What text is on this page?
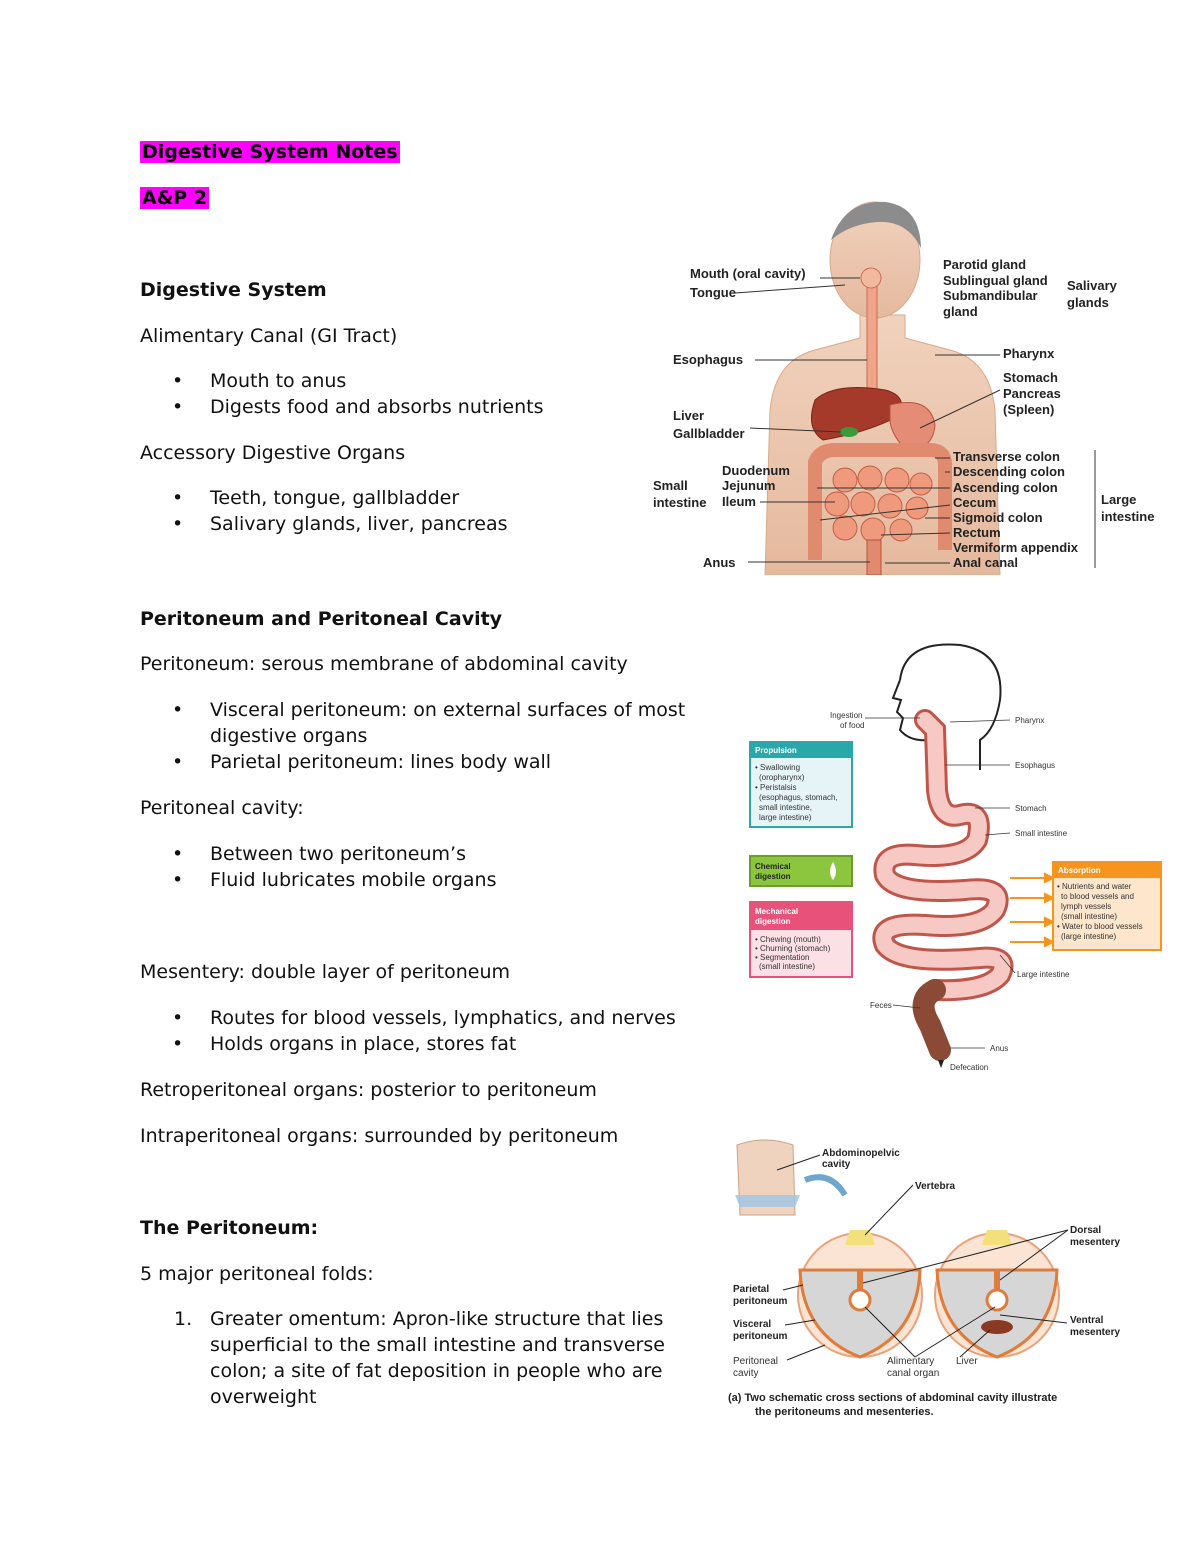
Digestive System Notes
A&P 2
Digestive System
Alimentary Canal (GI Tract)
• Mouth to anus
• Digests food and absorbs nutrients
Accessory Digestive Organs
• Teeth, tongue, gallbladder
• Salivary glands, liver, pancreas
Peritoneum and Peritoneal Cavity
Peritoneum: serous membrane of abdominal cavity
• Visceral peritoneum: on external surfaces of most digestive organs
• Parietal peritoneum: lines body wall
Peritoneal cavity:
• Between two peritoneum’s
• Fluid lubricates mobile organs
Mesentery: double layer of peritoneum
• Routes for blood vessels, lymphatics, and nerves
• Holds organs in place, stores fat
Retroperitoneal organs: posterior to peritoneum
Intraperitoneal organs: surrounded by peritoneum
The Peritoneum:
5 major peritoneal folds:
1. Greater omentum: Apron-like structure that lies superficial to the small intestine and transverse colon; a site of fat deposition in people who are overweight
Mouth (oral cavity)
Tongue
Esophagus
Liver
Gallbladder
Small
intestine
Duodenum
Jejunum
Ileum
Anus
Parotid gland
Sublingual gland
Submandibular
gland
Salivary
glands
Pharynx
Stomach
Pancreas
(Spleen)
Transverse colon
Descending colon
Ascending colon
Cecum
Sigmoid colon
Rectum
Vermiform appendix
Anal canal
Large
intestine
Propulsion
• Swallowing
(oropharynx)
• Peristalsis
(esophagus, stomach,
small intestine,
large intestine)
Chemical
digestion
Mechanical
digestion
• Chewing (mouth)
• Churning (stomach)
• Segmentation
(small intestine)
Absorption
• Nutrients and water
to blood vessels and
lymph vessels
(small intestine)
• Water to blood vessels
(large intestine)
Ingestion
of food
Pharynx
Esophagus
Stomach
Small intestine
Large intestine
Feces
Anus
Defecation
Abdominopelvic
cavity
Vertebra
Dorsal
mesentery
Parietal
peritoneum
Visceral
peritoneum
Ventral
mesentery
Peritoneal
cavity
Alimentary
canal organ
Liver
(a) Two schematic cross sections of abdominal cavity illustrate
the peritoneums and mesenteries.
